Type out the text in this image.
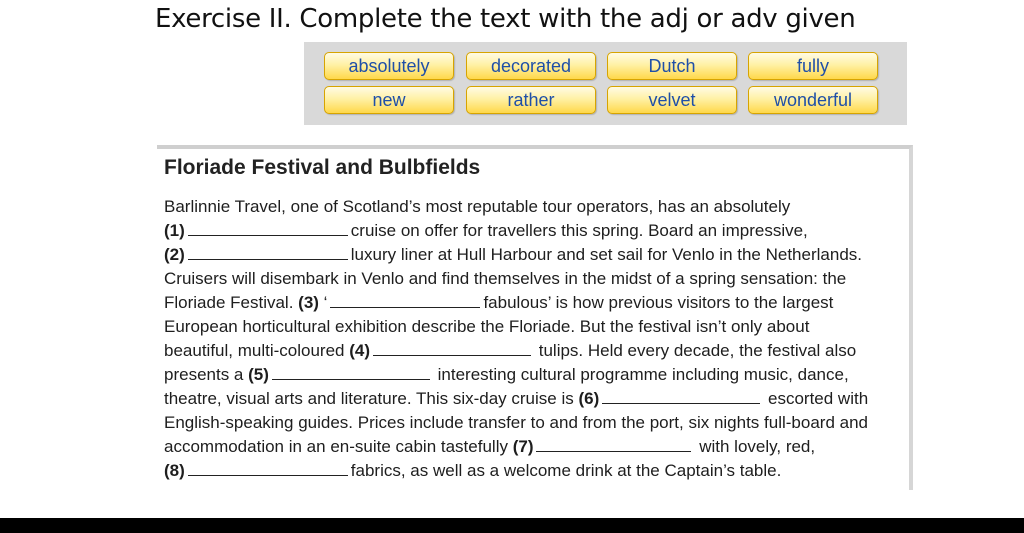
Exercise II. Complete the text with the adj or adv given
absolutely	decorated	Dutch	fully
new	rather	velvet	wonderful
Floriade Festival and Bulbfields
Barlinnie Travel, one of Scotland’s most reputable tour operators, has an absolutely
(1)	cruise on offer for travellers this spring. Board an impressive,
(2)	luxury liner at Hull Harbour and set sail for Venlo in the Netherlands.
Cruisers will disembark in Venlo and find themselves in the midst of a spring sensation: the
Floriade Festival. (3) ‘	fabulous’ is how previous visitors to the largest
European horticultural exhibition describe the Floriade. But the festival isn’t only about
beautiful, multi-coloured (4)	tulips. Held every decade, the festival also
presents a (5)	interesting cultural programme including music, dance,
theatre, visual arts and literature. This six-day cruise is (6)	escorted with
English-speaking guides. Prices include transfer to and from the port, six nights full-board and
accommodation in an en-suite cabin tastefully (7)	with lovely, red,
(8)	fabrics, as well as a welcome drink at the Captain’s table.
